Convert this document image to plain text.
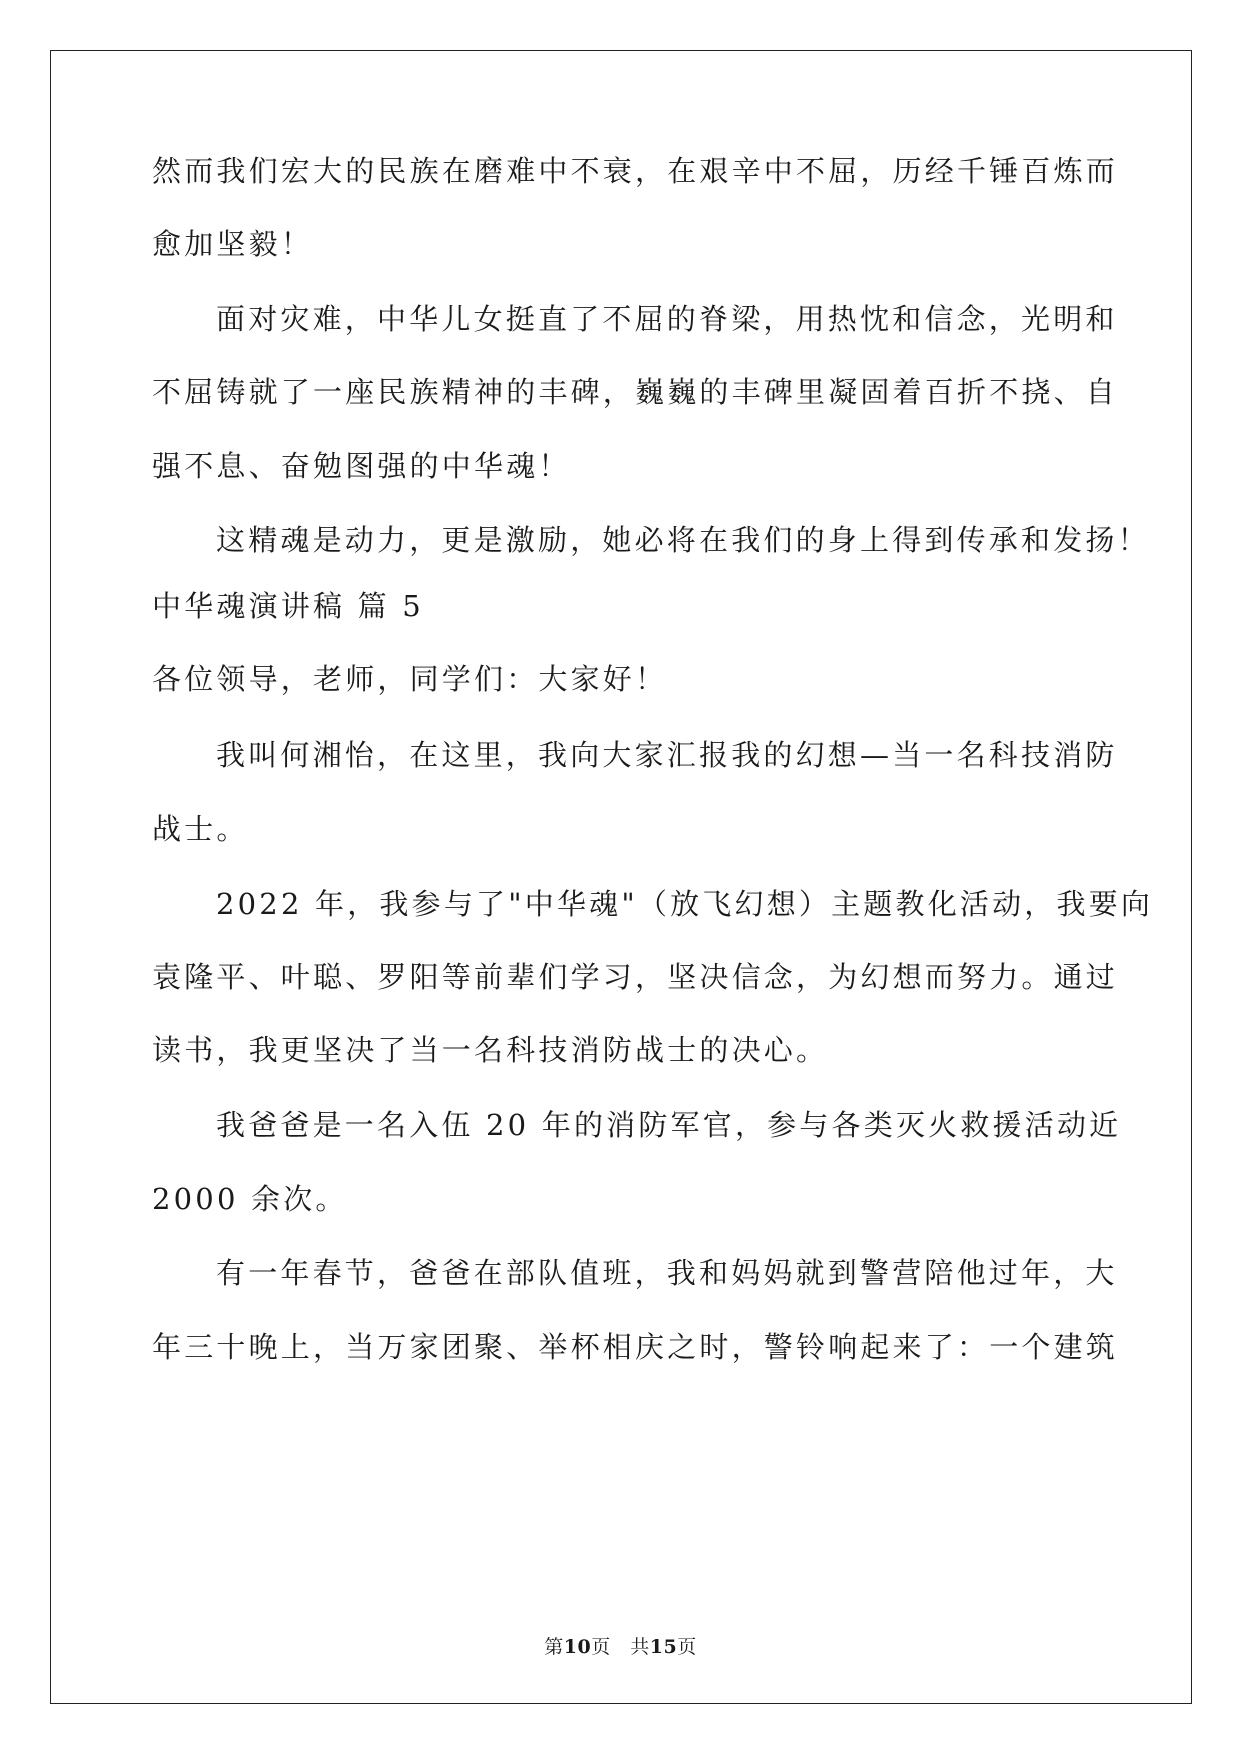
然而我们宏大的民族在磨难中不衰，在艰辛中不屈，历经千锤百炼而
愈加坚毅！
面对灾难，中华儿女挺直了不屈的脊梁，用热忱和信念，光明和
不屈铸就了一座民族精神的丰碑，巍巍的丰碑里凝固着百折不挠、自
强不息、奋勉图强的中华魂！
这精魂是动力，更是激励，她必将在我们的身上得到传承和发扬！
中华魂演讲稿 篇 5
各位领导，老师，同学们：大家好！
我叫何湘怡，在这里，我向大家汇报我的幻想—当一名科技消防
战士。
2022 年，我参与了"中华魂"（放飞幻想）主题教化活动，我要向
袁隆平、叶聪、罗阳等前辈们学习，坚决信念，为幻想而努力。通过
读书，我更坚决了当一名科技消防战士的决心。
我爸爸是一名入伍 20 年的消防军官，参与各类灭火救援活动近
2000 余次。
有一年春节，爸爸在部队值班，我和妈妈就到警营陪他过年，大
年三十晚上，当万家团聚、举杯相庆之时，警铃响起来了：一个建筑
第10页　共15页
